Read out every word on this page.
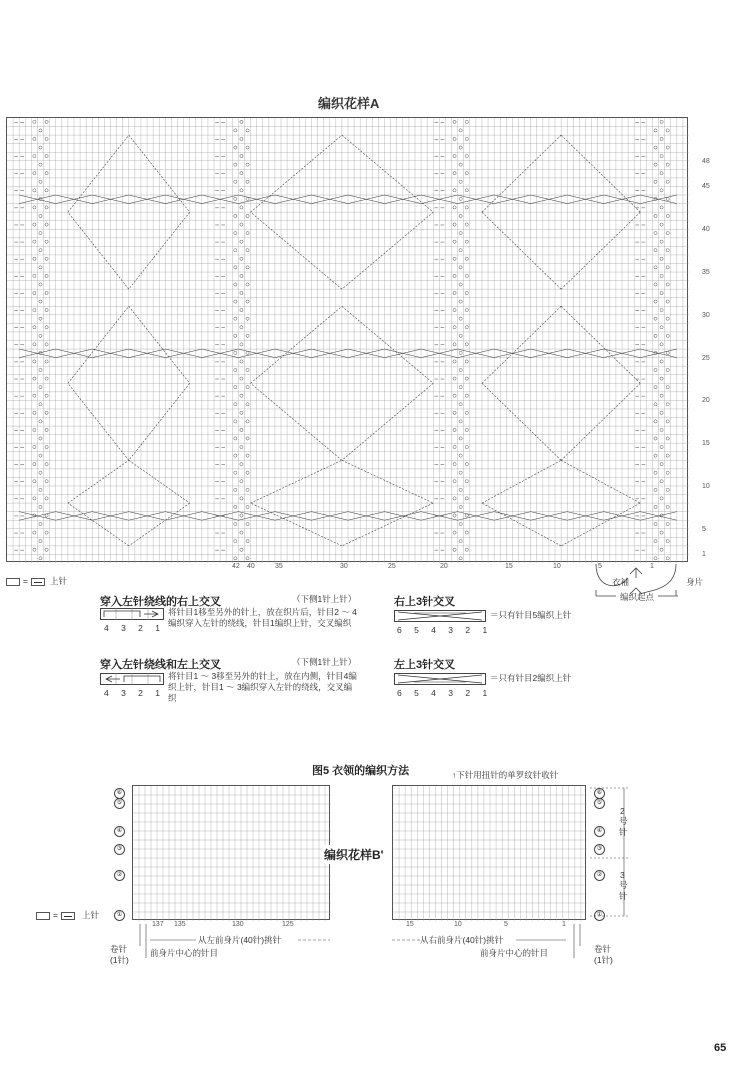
编织花样A
48
45
40
35
30
25
20
15
10
5
1
42 40	35	30	25	20	15	10	5	1
衣袖	身片
编织起点
=	上针
穿入左针绕线的右上交叉	（下侧1针上针）
4 3 2 1
将针目1移至另外的针上，放在织片后，针目2 ～ 4编织穿入左针的绕线，针目1编织上针，交叉编织
穿入左针绕线和左上交叉	（下侧1针上针）
4 3 2 1
将针目1 ～ 3移至另外的针上，放在内侧，针目4编织上针，针目1 ～ 3编织穿入左针的绕线，交叉编织
右上3针交叉
6 5 4 3 2 1
＝只有针目5编织上针
左上3针交叉
6 5 4 3 2 1
＝只有针目2编织上针
图5 衣领的编织方法	↑下针用扭针的单罗纹针收针
编织花样B'
⑥
⑤
④
③
②
①
⑥
⑤
④
③
②
①
2
号针
3
号针
137 135	130	125	15	10	5	1
从左前身片(40针)挑针	从右前身片(40针)挑针
前身片中心的针目	前身片中心的针目
卷针
(1针)
卷针
(1针)
=	上针
65
